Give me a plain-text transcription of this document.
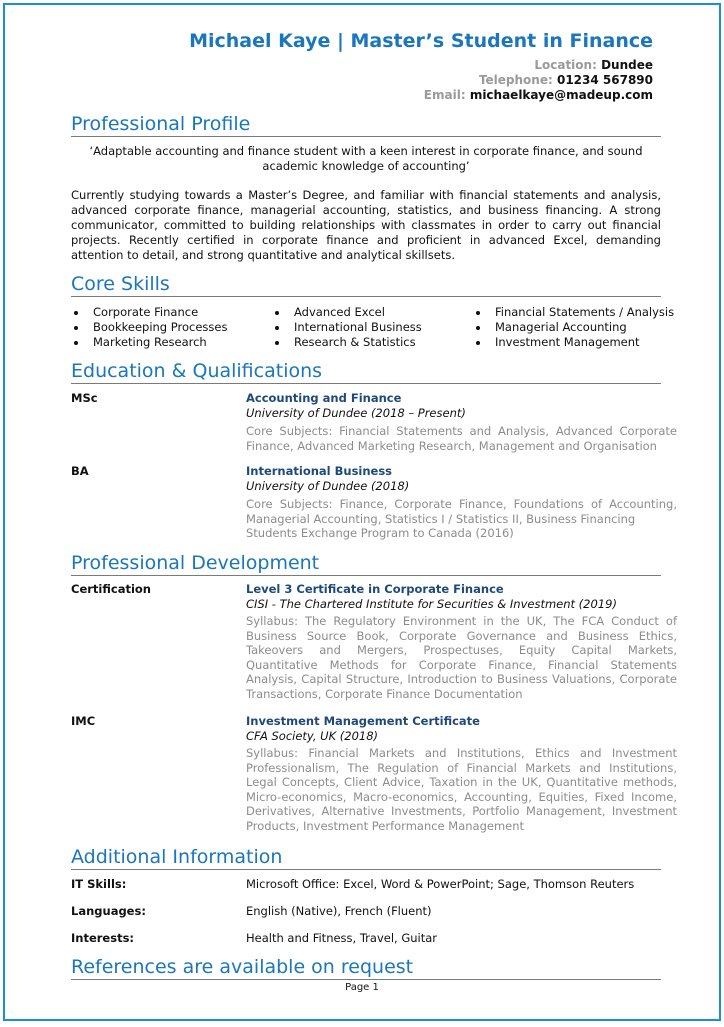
Michael Kaye | Master’s Student in Finance
Location: Dundee
Telephone: 01234 567890
Email: michaelkaye@madeup.com
Professional Profile
‘Adaptable accounting and finance student with a keen interest in corporate finance, and sound academic knowledge of accounting’
Currently studying towards a Master’s Degree, and familiar with financial statements and analysis, advanced corporate finance, managerial accounting, statistics, and business financing. A strong communicator, committed to building relationships with classmates in order to carry out financial projects. Recently certified in corporate finance and proficient in advanced Excel, demanding attention to detail, and strong quantitative and analytical skillsets.
Core Skills
Corporate Finance
Bookkeeping Processes
Marketing Research
Advanced Excel
International Business
Research & Statistics
Financial Statements / Analysis
Managerial Accounting
Investment Management
Education & Qualifications
MSc	Accounting and Finance
University of Dundee (2018 – Present)
Core Subjects: Financial Statements and Analysis, Advanced Corporate Finance, Advanced Marketing Research, Management and Organisation
BA	International Business
University of Dundee (2018)
Core Subjects: Finance, Corporate Finance, Foundations of Accounting, Managerial Accounting, Statistics I / Statistics II, Business Financing
Students Exchange Program to Canada (2016)
Professional Development
Certification	Level 3 Certificate in Corporate Finance
CISI - The Chartered Institute for Securities & Investment (2019)
Syllabus: The Regulatory Environment in the UK, The FCA Conduct of Business Source Book, Corporate Governance and Business Ethics, Takeovers and Mergers, Prospectuses, Equity Capital Markets, Quantitative Methods for Corporate Finance, Financial Statements Analysis, Capital Structure, Introduction to Business Valuations, Corporate Transactions, Corporate Finance Documentation
IMC	Investment Management Certificate
CFA Society, UK (2018)
Syllabus: Financial Markets and Institutions, Ethics and Investment Professionalism, The Regulation of Financial Markets and Institutions, Legal Concepts, Client Advice, Taxation in the UK, Quantitative methods, Micro-economics, Macro-economics, Accounting, Equities, Fixed Income, Derivatives, Alternative Investments, Portfolio Management, Investment Products, Investment Performance Management
Additional Information
IT Skills:	Microsoft Office: Excel, Word & PowerPoint; Sage, Thomson Reuters
Languages:	English (Native), French (Fluent)
Interests:	Health and Fitness, Travel, Guitar
References are available on request
Page 1
